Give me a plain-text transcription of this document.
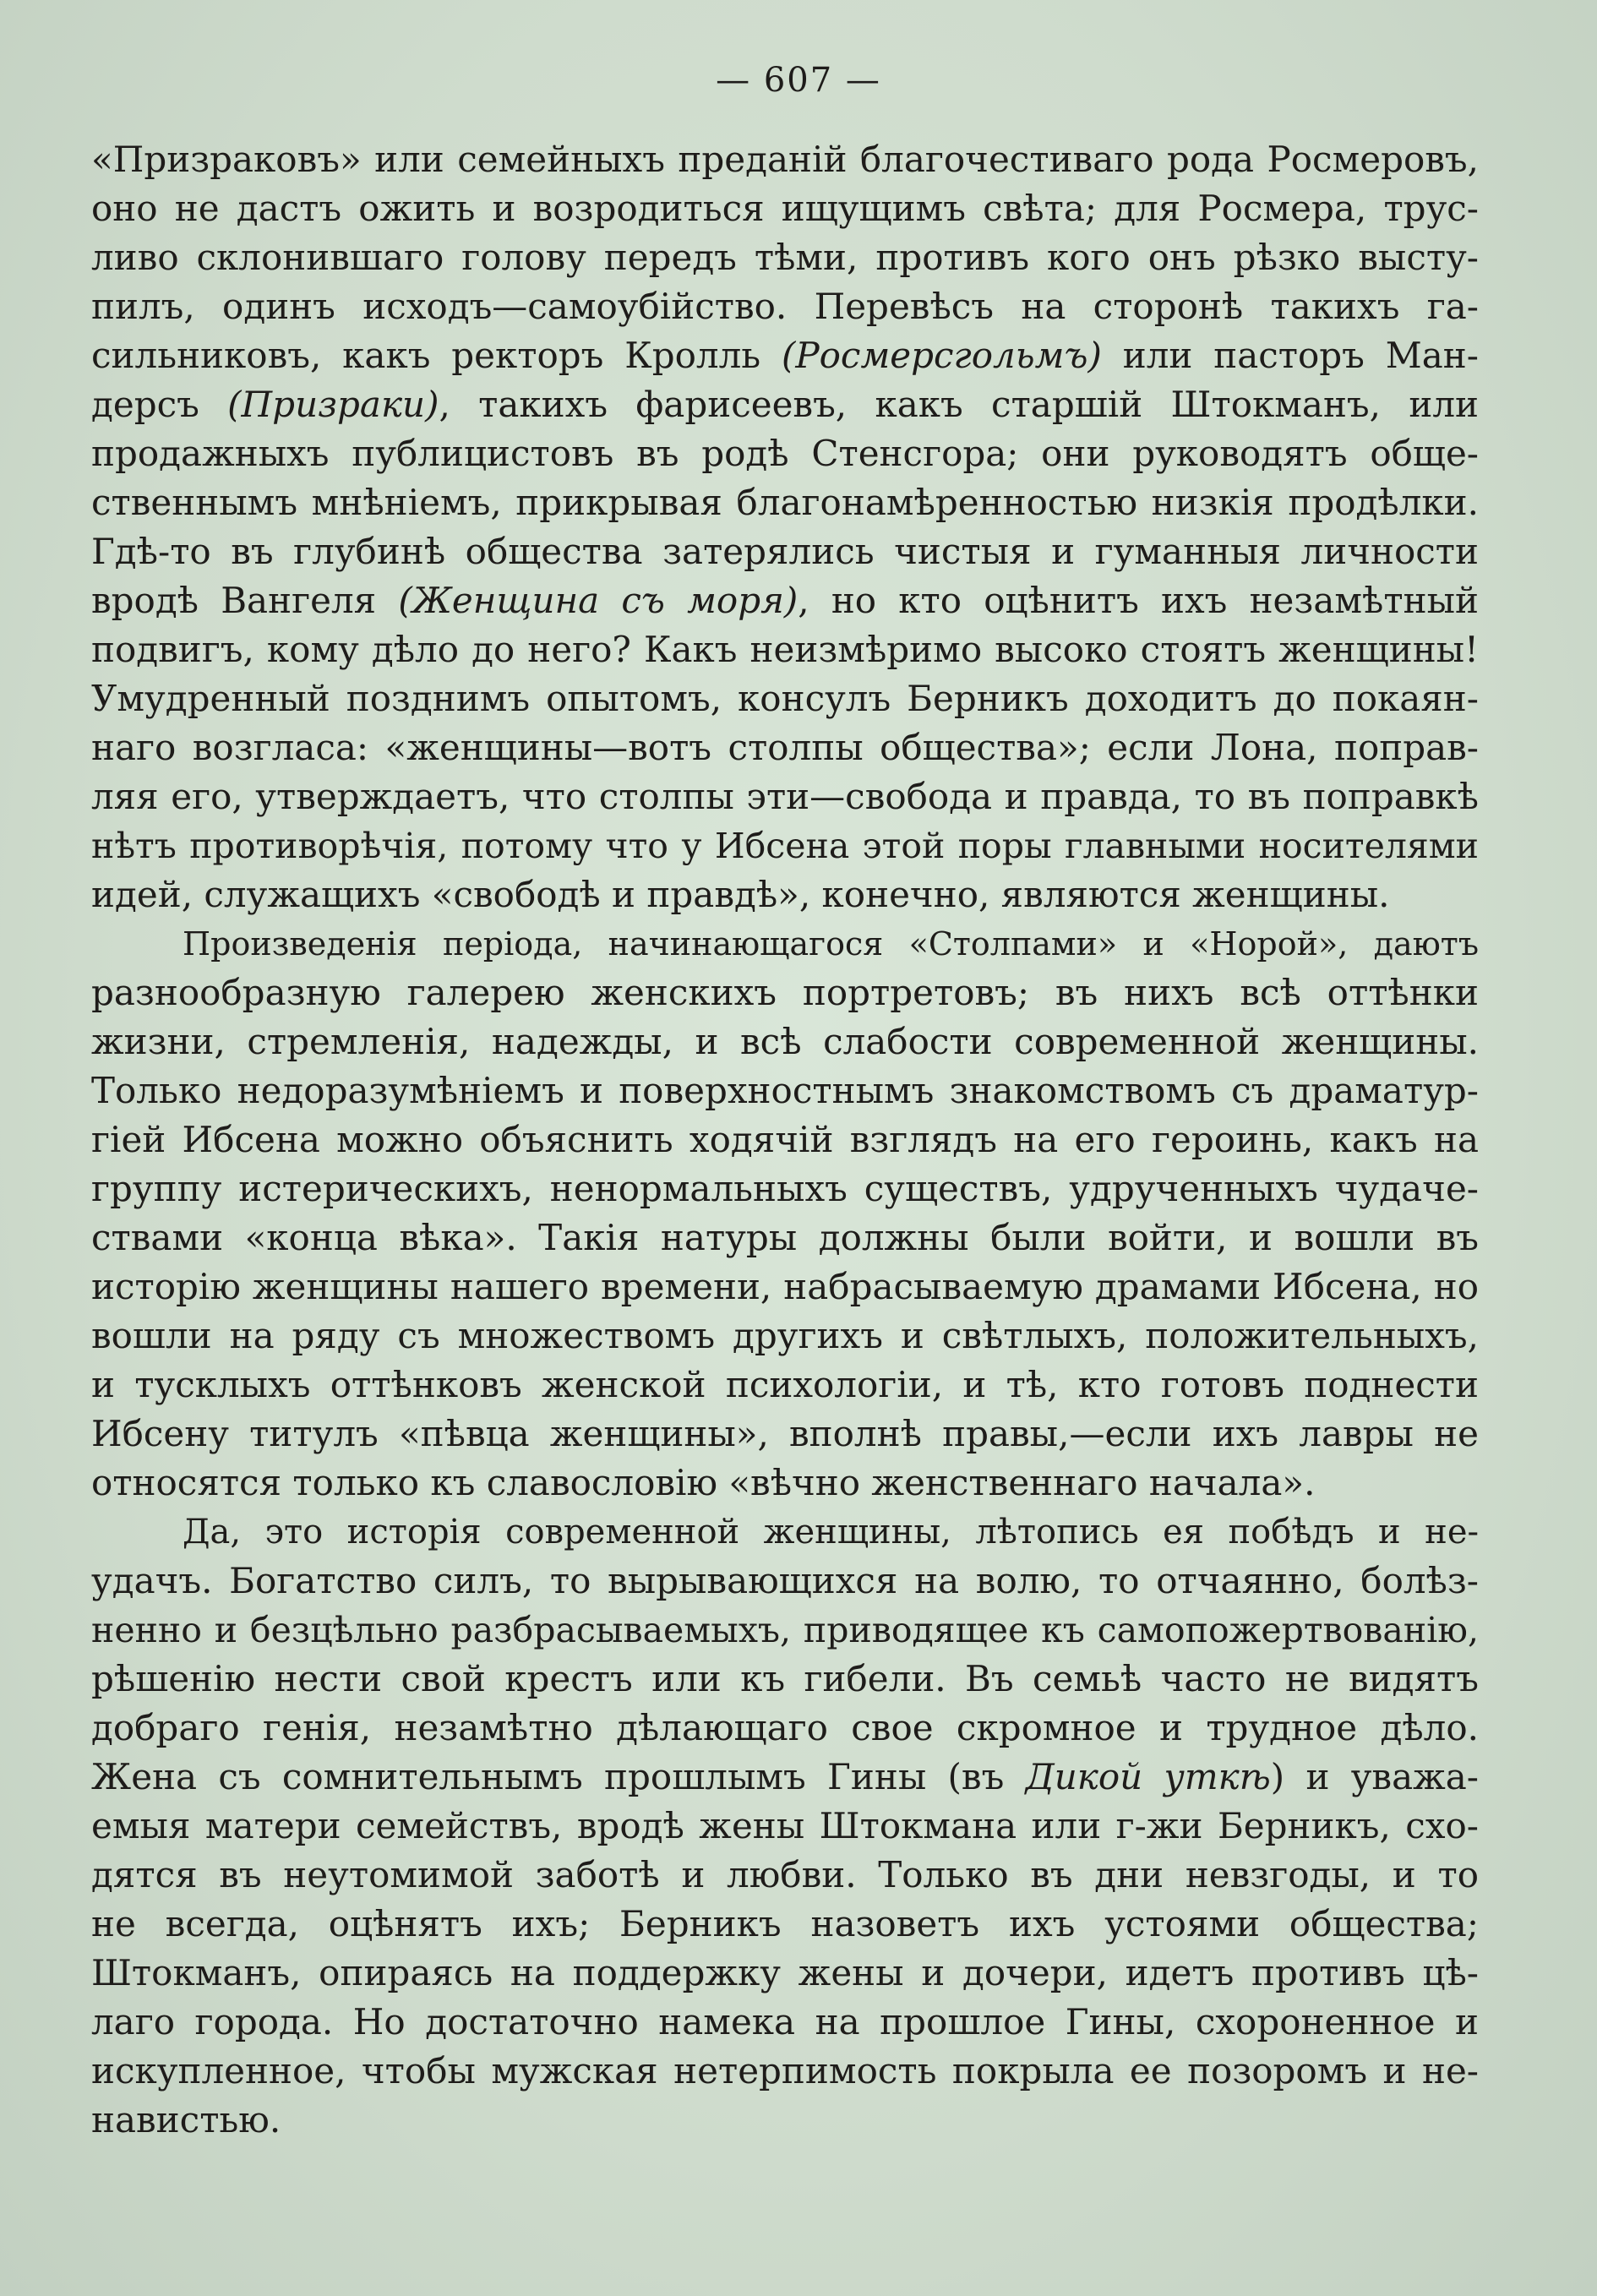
— 607 —
«Призраковъ» или семейныхъ преданій благочестиваго рода Росмеровъ,
оно не дастъ ожить и возродиться ищущимъ свѣта; для Росмера, трус-
ливо склонившаго голову передъ тѣми, противъ кого онъ рѣзко высту-
пилъ, одинъ исходъ—самоубійство. Перевѣсъ на сторонѣ такихъ га-
сильниковъ, какъ ректоръ Кролль (Росмерсгольмъ) или пасторъ Ман-
дерсъ (Призраки), такихъ фарисеевъ, какъ старшій Штокманъ, или
продажныхъ публицистовъ въ родѣ Стенсгора; они руководятъ обще-
ственнымъ мнѣніемъ, прикрывая благонамѣренностью низкія продѣлки.
Гдѣ-то въ глубинѣ общества затерялись чистыя и гуманныя личности
вродѣ Вангеля (Женщина съ моря), но кто оцѣнитъ ихъ незамѣтный
подвигъ, кому дѣло до него? Какъ неизмѣримо высоко стоятъ женщины!
Умудренный позднимъ опытомъ, консулъ Берникъ доходитъ до покаян-
наго возгласа: «женщины—вотъ столпы общества»; если Лона, поправ-
ляя его, утверждаетъ, что столпы эти—свобода и правда, то въ поправкѣ
нѣтъ противорѣчія, потому что у Ибсена этой поры главными носителями
идей, служащихъ «свободѣ и правдѣ», конечно, являются женщины.
Произведенія періода, начинающагося «Столпами» и «Норой», даютъ
разнообразную галерею женскихъ портретовъ; въ нихъ всѣ оттѣнки
жизни, стремленія, надежды, и всѣ слабости современной женщины.
Только недоразумѣніемъ и поверхностнымъ знакомствомъ съ драматур-
гіей Ибсена можно объяснить ходячій взглядъ на его героинь, какъ на
группу истерическихъ, ненормальныхъ существъ, удрученныхъ чудаче-
ствами «конца вѣка». Такія натуры должны были войти, и вошли въ
исторію женщины нашего времени, набрасываемую драмами Ибсена, но
вошли на ряду съ множествомъ другихъ и свѣтлыхъ, положительныхъ,
и тусклыхъ оттѣнковъ женской психологіи, и тѣ, кто готовъ поднести
Ибсену титулъ «пѣвца женщины», вполнѣ правы,—если ихъ лавры не
относятся только къ славословію «вѣчно женственнаго начала».
Да, это исторія современной женщины, лѣтопись ея побѣдъ и не-
удачъ. Богатство силъ, то вырывающихся на волю, то отчаянно, болѣз-
ненно и безцѣльно разбрасываемыхъ, приводящее къ самопожертвованію,
рѣшенію нести свой крестъ или къ гибели. Въ семьѣ часто не видятъ
добраго генія, незамѣтно дѣлающаго свое скромное и трудное дѣло.
Жена съ сомнительнымъ прошлымъ Гины (въ Дикой уткѣ) и уважа-
емыя матери семействъ, вродѣ жены Штокмана или г-жи Берникъ, схо-
дятся въ неутомимой заботѣ и любви. Только въ дни невзгоды, и то
не всегда, оцѣнятъ ихъ; Берникъ назоветъ ихъ устоями общества;
Штокманъ, опираясь на поддержку жены и дочери, идетъ противъ цѣ-
лаго города. Но достаточно намека на прошлое Гины, схороненное и
искупленное, чтобы мужская нетерпимость покрыла ее позоромъ и не-
навистью.
